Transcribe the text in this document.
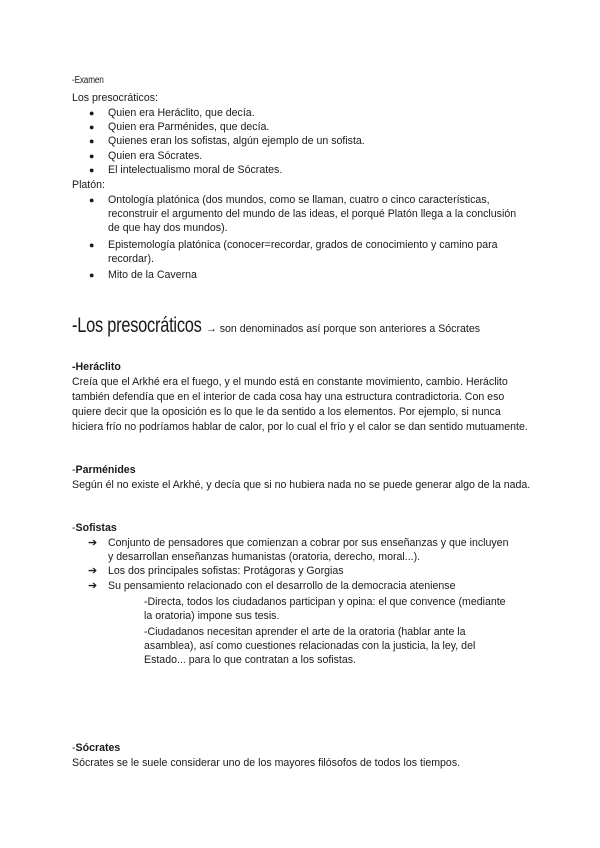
-Examen
Los presocráticos:
● Quien era Heráclito, que decía.
● Quien era Parménides, que decía.
● Quienes eran los sofistas, algún ejemplo de un sofista.
● Quien era Sócrates.
● El intelectualismo moral de Sócrates.
Platón:
● Ontología platónica (dos mundos, como se llaman, cuatro o cinco características, reconstruir el argumento del mundo de las ideas, el porqué Platón llega a la conclusión de que hay dos mundos).
● Epistemología platónica (conocer=recordar, grados de conocimiento y camino para recordar).
● Mito de la Caverna
-Los presocráticos → son denominados así porque son anteriores a Sócrates
-Heráclito
Creía que el Arkhé era el fuego, y el mundo está en constante movimiento, cambio. Heráclito también defendía que en el interior de cada cosa hay una estructura contradictoria. Con eso quiere decir que la oposición es lo que le da sentido a los elementos. Por ejemplo, si nunca hiciera frío no podríamos hablar de calor, por lo cual el frío y el calor se dan sentido mutuamente.
-Parménides
Según él no existe el Arkhé, y decía que si no hubiera nada no se puede generar algo de la nada.
-Sofistas
➔ Conjunto de pensadores que comienzan a cobrar por sus enseñanzas y que incluyen y desarrollan enseñanzas humanistas (oratoria, derecho, moral...).
➔ Los dos principales sofistas: Protágoras y Gorgias
➔ Su pensamiento relacionado con el desarrollo de la democracia ateniense
-Directa, todos los ciudadanos participan y opina: el que convence (mediante la oratoria) impone sus tesis.
-Ciudadanos necesitan aprender el arte de la oratoria (hablar ante la asamblea), así como cuestiones relacionadas con la justicia, la ley, del Estado... para lo que contratan a los sofistas.
-Sócrates
Sócrates se le suele considerar uno de los mayores filósofos de todos los tiempos.
